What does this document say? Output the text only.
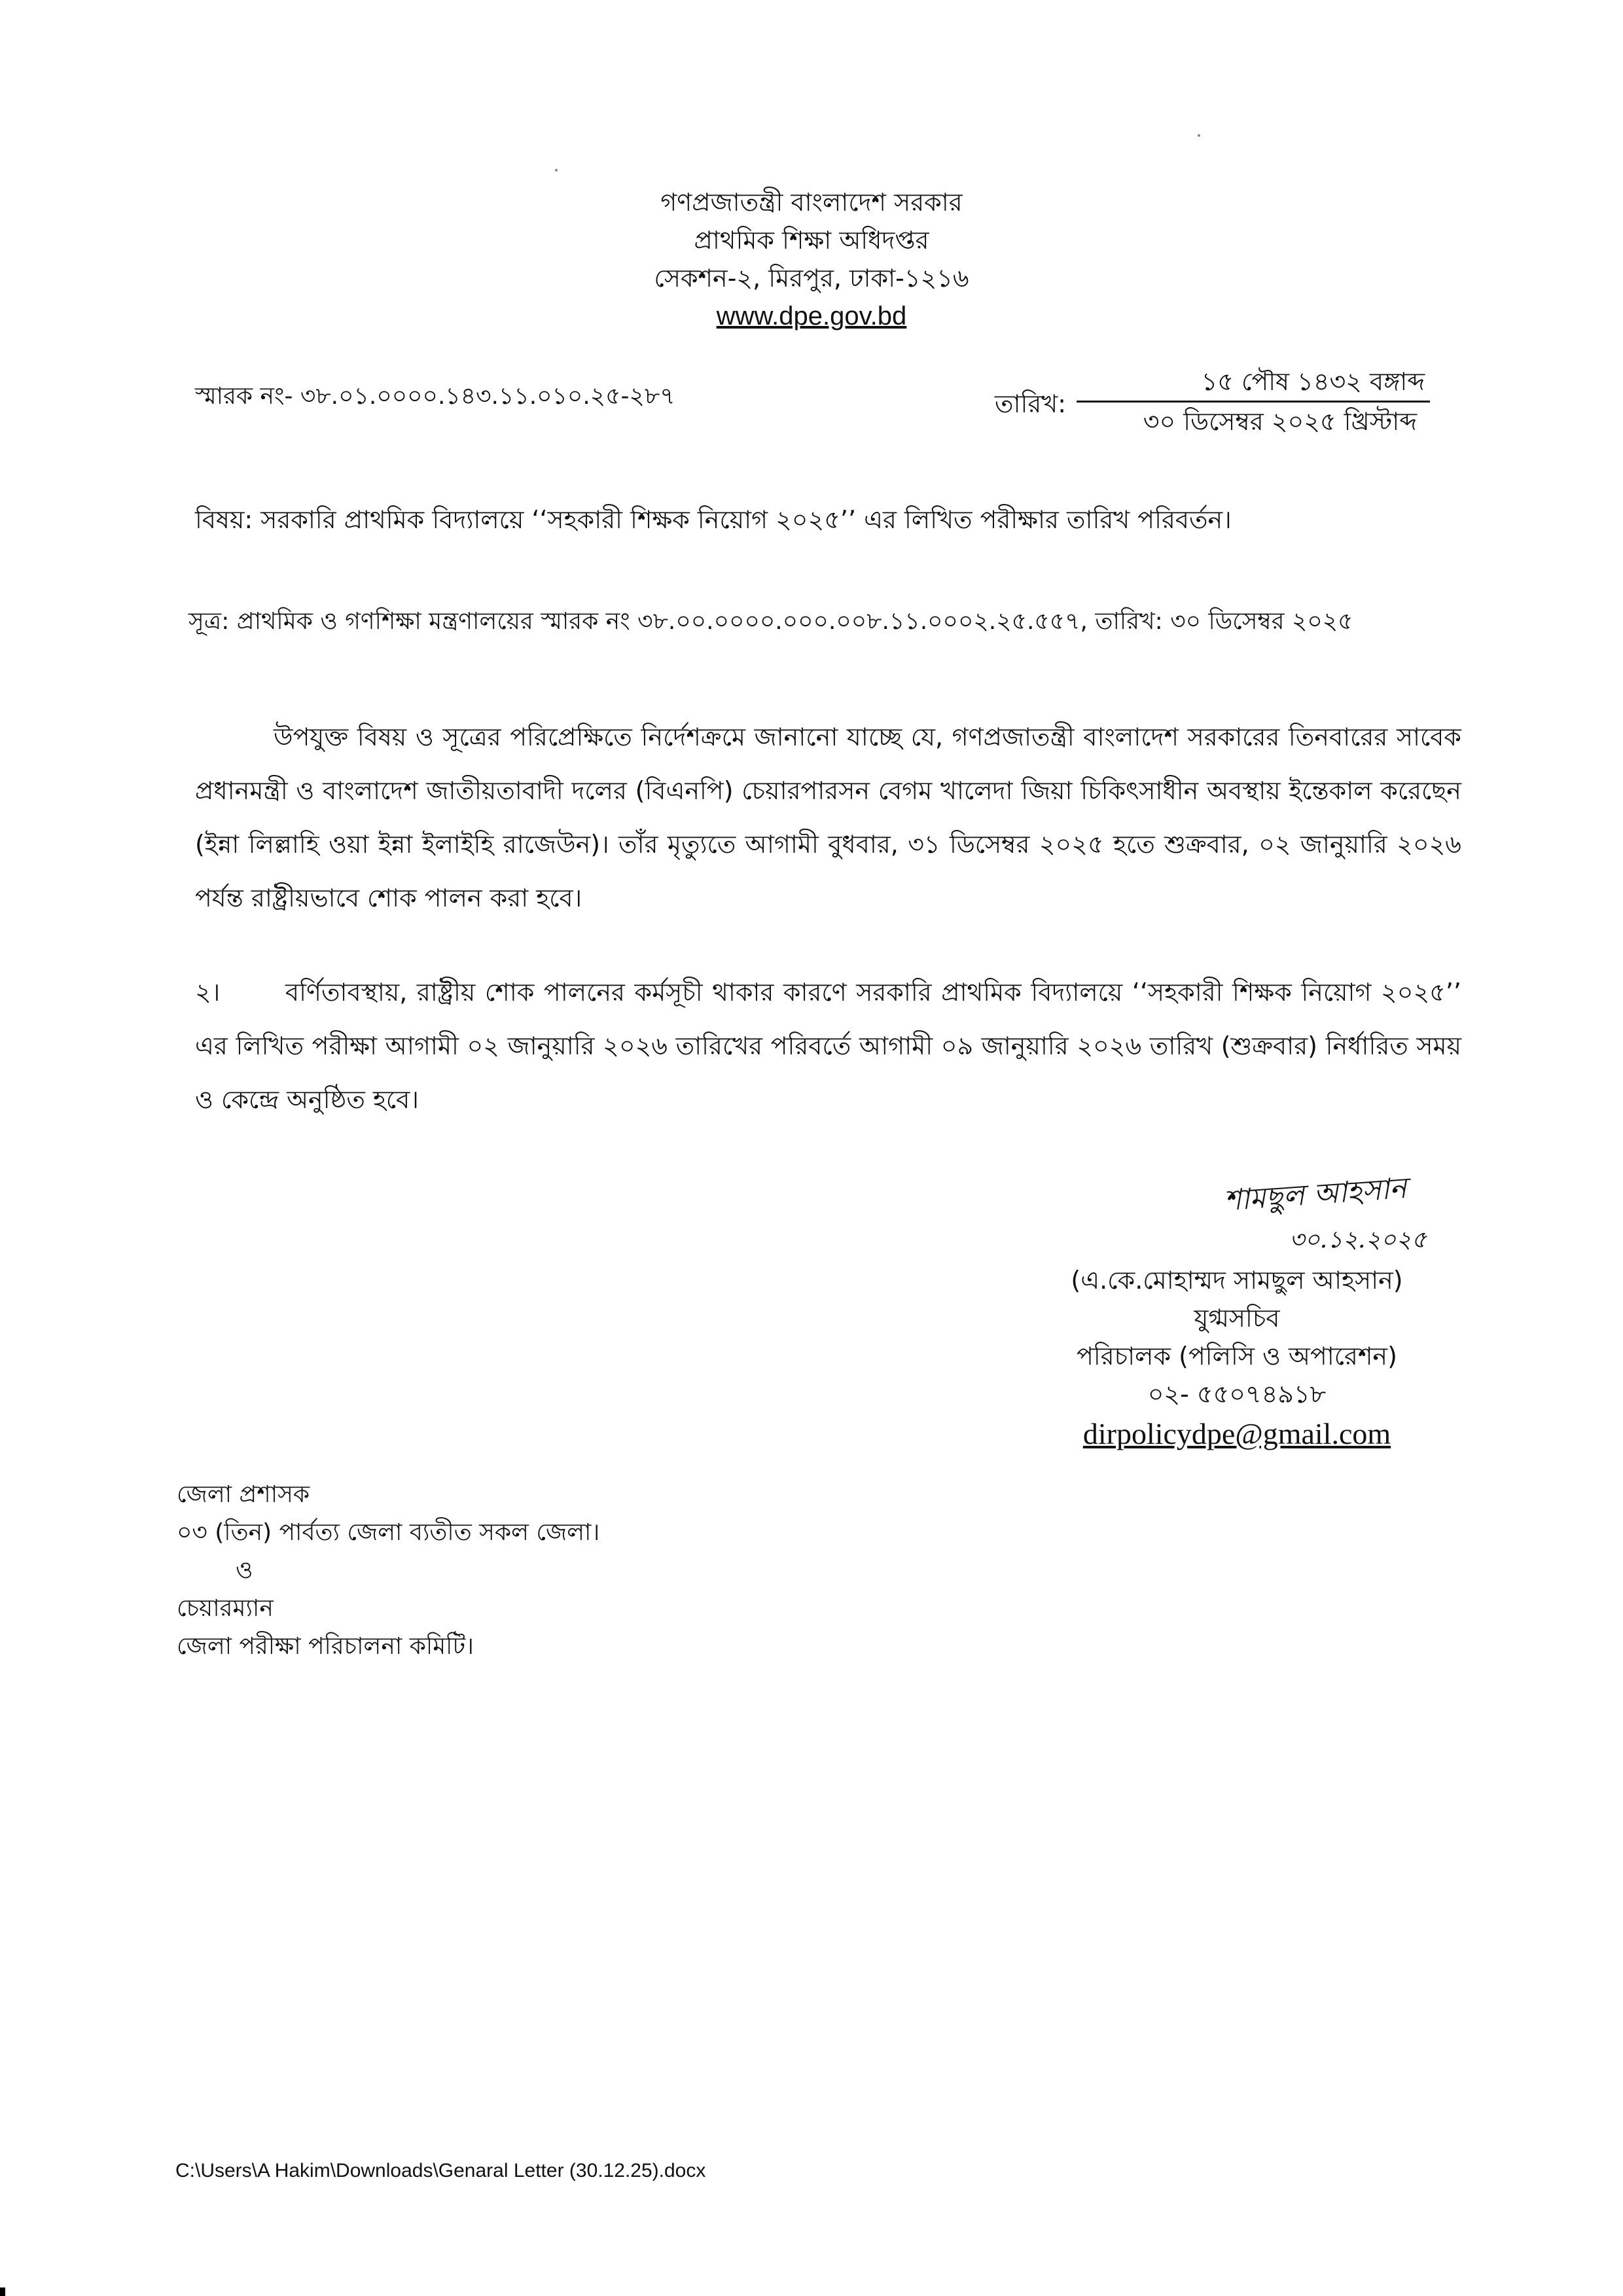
গণপ্রজাতন্ত্রী বাংলাদেশ সরকার
প্রাথমিক শিক্ষা অধিদপ্তর
সেকশন-২, মিরপুর, ঢাকা-১২১৬
www.dpe.gov.bd
স্মারক নং- ৩৮.০১.০০০০.১৪৩.১১.০১০.২৫-২৮৭	তারিখ:
১৫ পৌষ ১৪৩২ বঙ্গাব্দ
৩০ ডিসেম্বর ২০২৫ খ্রিস্টাব্দ
বিষয়: সরকারি প্রাথমিক বিদ্যালয়ে ‘‘সহকারী শিক্ষক নিয়োগ ২০২৫’’ এর লিখিত পরীক্ষার তারিখ পরিবর্তন।
সূত্র: প্রাথমিক ও গণশিক্ষা মন্ত্রণালয়ের স্মারক নং ৩৮.০০.০০০০.০০০.০০৮.১১.০০০২.২৫.৫৫৭, তারিখ: ৩০ ডিসেম্বর ২০২৫
উপযুক্ত বিষয় ও সূত্রের পরিপ্রেক্ষিতে নির্দেশক্রমে জানানো যাচ্ছে যে, গণপ্রজাতন্ত্রী বাংলাদেশ সরকারের তিনবারের সাবেক প্রধানমন্ত্রী ও বাংলাদেশ জাতীয়তাবাদী দলের (বিএনপি) চেয়ারপারসন বেগম খালেদা জিয়া চিকিৎসাধীন অবস্থায় ইন্তেকাল করেছেন (ইন্না লিল্লাহি ওয়া ইন্না ইলাইহি রাজেউন)। তাঁর মৃত্যুতে আগামী বুধবার, ৩১ ডিসেম্বর ২০২৫ হতে শুক্রবার, ০২ জানুয়ারি ২০২৬ পর্যন্ত রাষ্ট্রীয়ভাবে শোক পালন করা হবে।
২।	বর্ণিতাবস্থায়, রাষ্ট্রীয় শোক পালনের কর্মসূচী থাকার কারণে সরকারি প্রাথমিক বিদ্যালয়ে ‘‘সহকারী শিক্ষক নিয়োগ ২০২৫’’ এর লিখিত পরীক্ষা আগামী ০২ জানুয়ারি ২০২৬ তারিখের পরিবর্তে আগামী ০৯ জানুয়ারি ২০২৬ তারিখ (শুক্রবার) নির্ধারিত সময় ও কেন্দ্রে অনুষ্ঠিত হবে।
শামছুল আহসান
৩০.১২.২০২৫
(এ.কে.মোহাম্মদ সামছুল আহসান)
যুগ্মসচিব
পরিচালক (পলিসি ও অপারেশন)
০২- ৫৫০৭৪৯১৮
dirpolicydpe@gmail.com
জেলা প্রশাসক
০৩ (তিন) পার্বত্য জেলা ব্যতীত সকল জেলা।
ও
চেয়ারম্যান
জেলা পরীক্ষা পরিচালনা কমিটি।
C:\Users\A Hakim\Downloads\Genaral Letter (30.12.25).docx
